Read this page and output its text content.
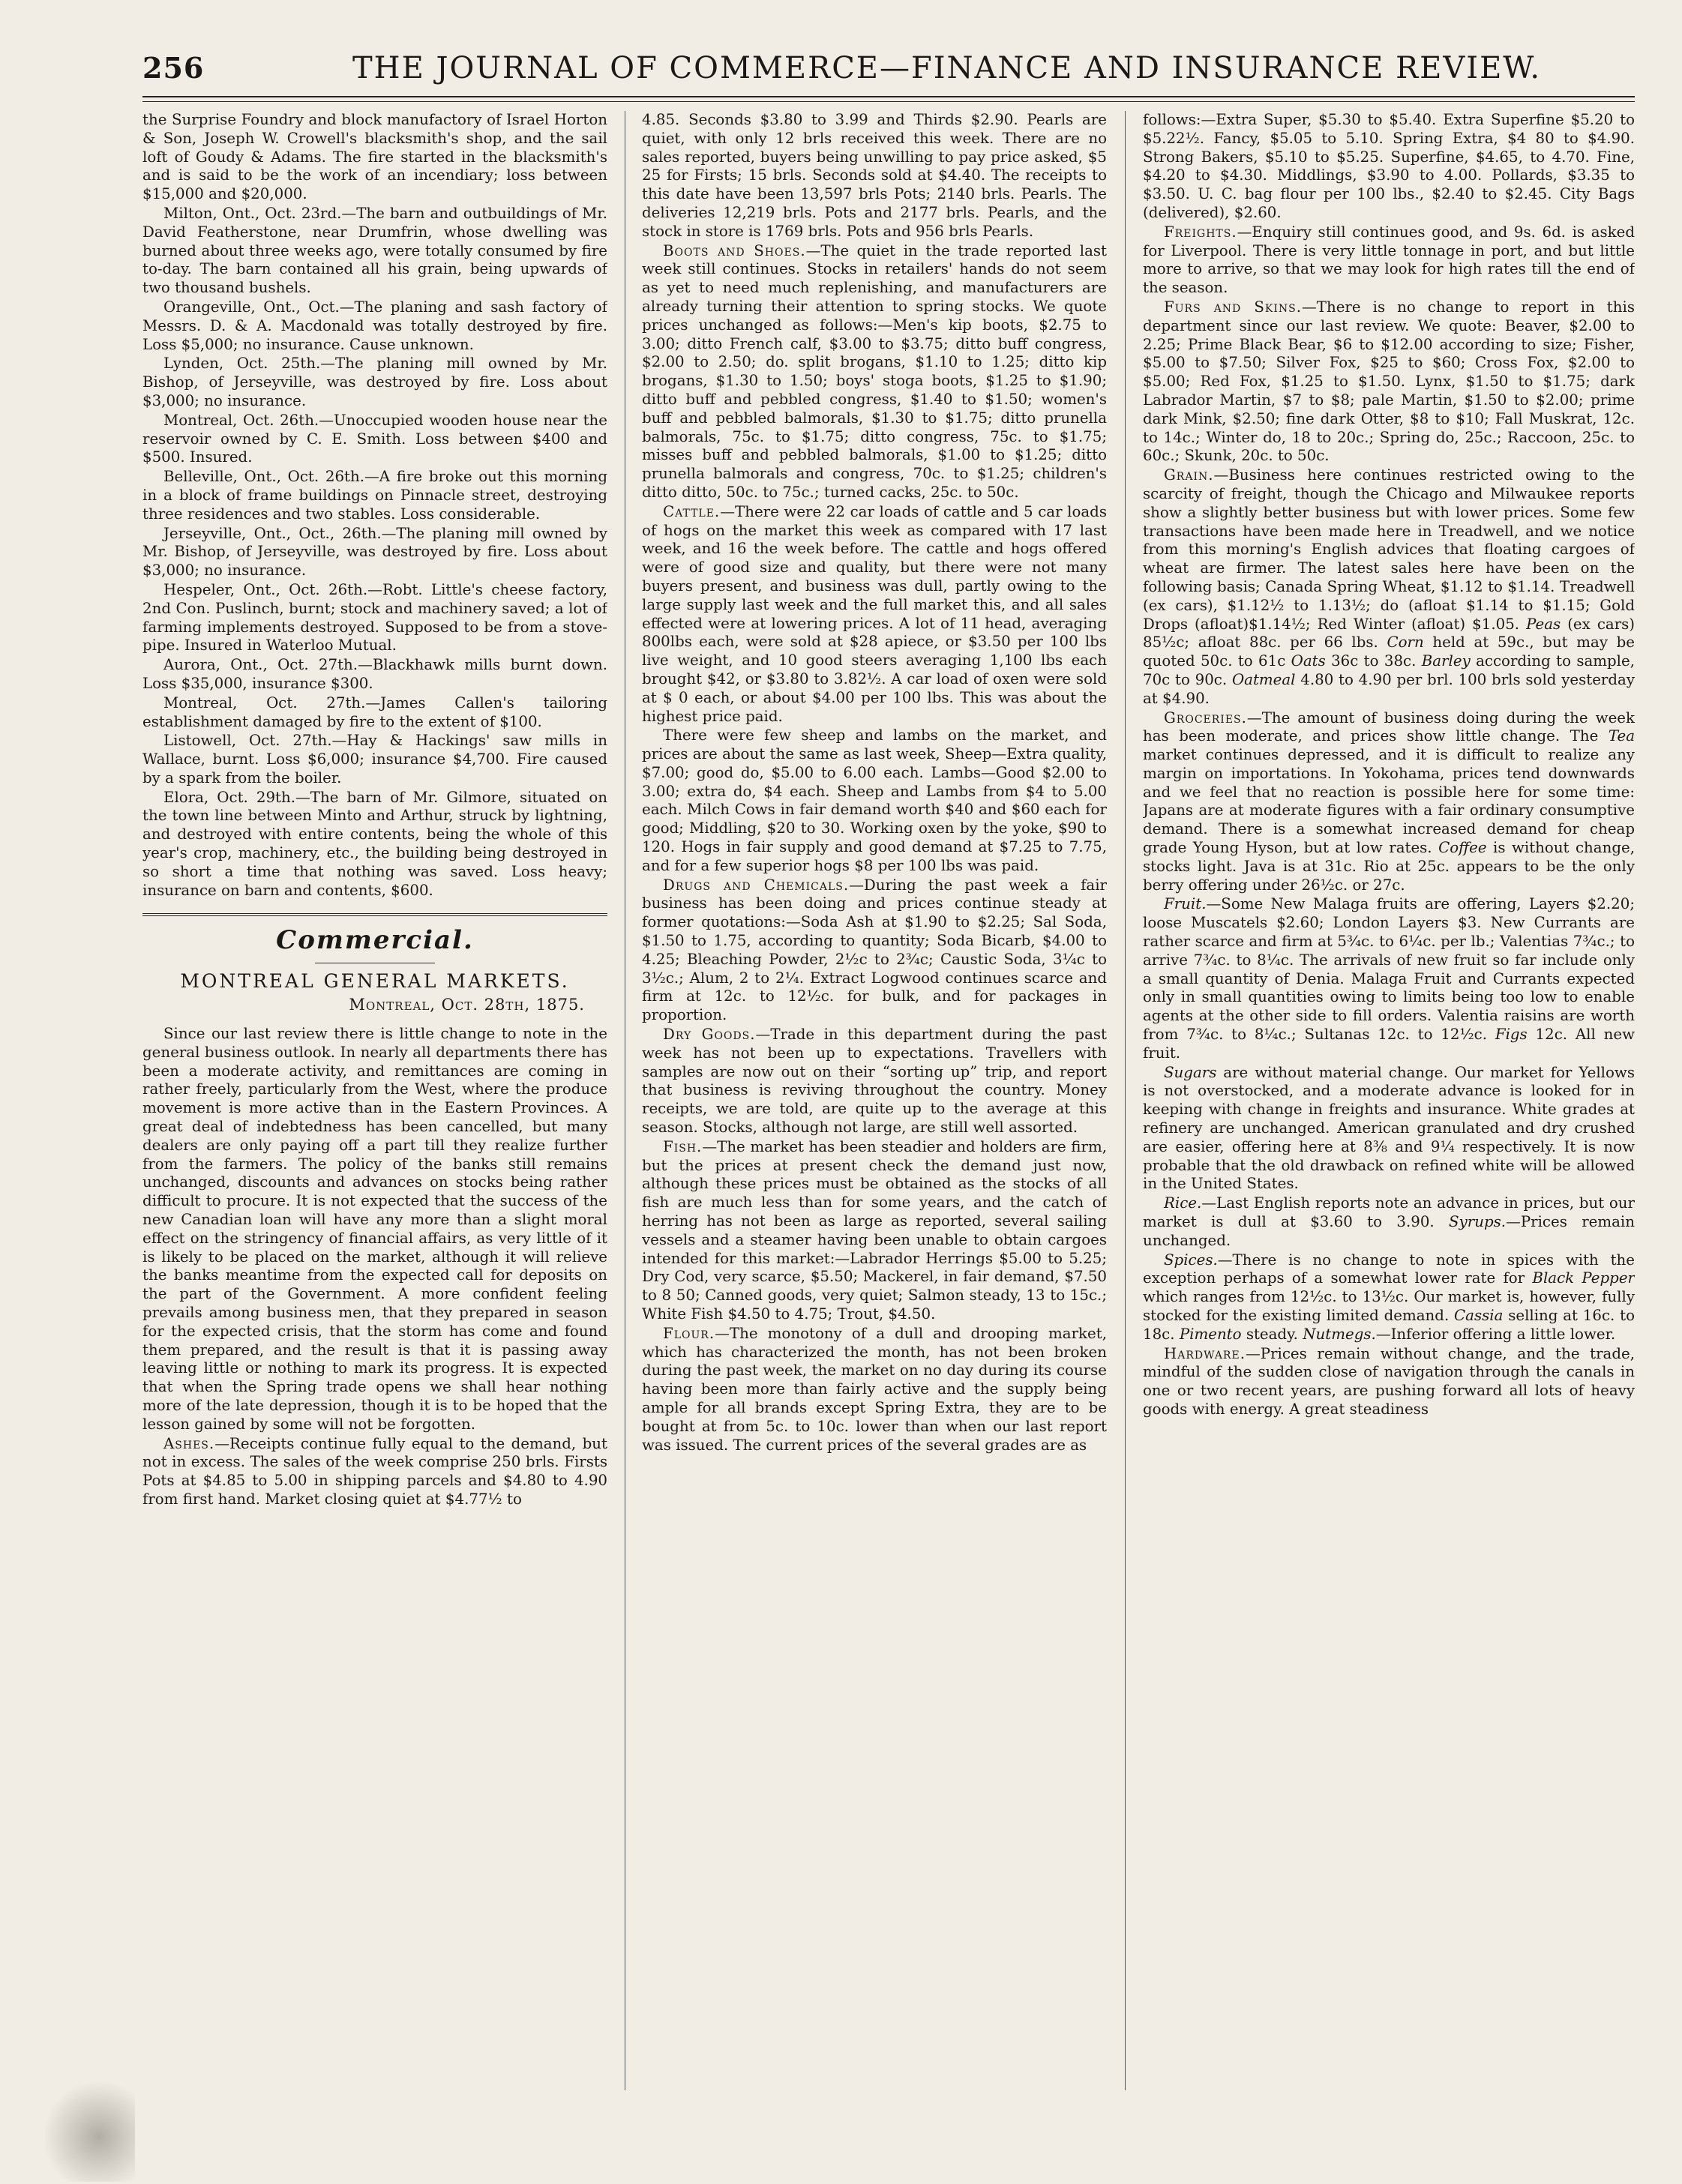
256	THE JOURNAL OF COMMERCE—FINANCE AND INSURANCE REVIEW.

the Surprise Foundry and block manufactory of Israel Horton & Son, Joseph W. Crowell's blacksmith's shop, and the sail loft of Goudy & Adams. The fire started in the blacksmith's and is said to be the work of an incendiary; loss between $15,000 and $20,000.

Milton, Ont., Oct. 23rd.—The barn and outbuildings of Mr. David Featherstone, near Drumfrin, whose dwelling was burned about three weeks ago, were totally consumed by fire to-day. The barn contained all his grain, being upwards of two thousand bushels.

Orangeville, Ont., Oct.—The planing and sash factory of Messrs. D. & A. Macdonald was totally destroyed by fire. Loss $5,000; no insurance. Cause unknown.

Lynden, Oct. 25th.—The planing mill owned by Mr. Bishop, of Jerseyville, was destroyed by fire. Loss about $3,000; no insurance.

Montreal, Oct. 26th.—Unoccupied wooden house near the reservoir owned by C. E. Smith. Loss between $400 and $500. Insured.

Belleville, Ont., Oct. 26th.—A fire broke out this morning in a block of frame buildings on Pinnacle street, destroying three residences and two stables. Loss considerable.

Jerseyville, Ont., Oct., 26th.—The planing mill owned by Mr. Bishop, of Jerseyville, was destroyed by fire. Loss about $3,000; no insurance.

Hespeler, Ont., Oct. 26th.—Robt. Little's cheese factory, 2nd Con. Puslinch, burnt; stock and machinery saved; a lot of farming implements destroyed. Supposed to be from a stove-pipe. Insured in Waterloo Mutual.

Aurora, Ont., Oct. 27th.—Blackhawk mills burnt down. Loss $35,000, insurance $300.

Montreal, Oct. 27th.—James Callen's tailoring establishment damaged by fire to the extent of $100.

Listowell, Oct. 27th.—Hay & Hackings' saw mills in Wallace, burnt. Loss $6,000; insurance $4,700. Fire caused by a spark from the boiler.

Elora, Oct. 29th.—The barn of Mr. Gilmore, situated on the town line between Minto and Arthur, struck by lightning, and destroyed with entire contents, being the whole of this year's crop, machinery, etc., the building being destroyed in so short a time that nothing was saved. Loss heavy; insurance on barn and contents, $600.

Commercial.
MONTREAL GENERAL MARKETS.
Montreal, Oct. 28th, 1875.

Since our last review there is little change to note in the general business outlook. In nearly all departments there has been a moderate activity, and remittances are coming in rather freely, particularly from the West, where the produce movement is more active than in the Eastern Provinces. A great deal of indebtedness has been cancelled, but many dealers are only paying off a part till they realize further from the farmers. The policy of the banks still remains unchanged, discounts and advances on stocks being rather difficult to procure. It is not expected that the success of the new Canadian loan will have any more than a slight moral effect on the stringency of financial affairs, as very little of it is likely to be placed on the market, although it will relieve the banks meantime from the expected call for deposits on the part of the Government. A more confident feeling prevails among business men, that they prepared in season for the expected crisis, that the storm has come and found them prepared, and the result is that it is passing away leaving little or nothing to mark its progress. It is expected that when the Spring trade opens we shall hear nothing more of the late depression, though it is to be hoped that the lesson gained by some will not be forgotten.

Ashes.—Receipts continue fully equal to the demand, but not in excess. The sales of the week comprise 250 brls. Firsts Pots at $4.85 to 5.00 in shipping parcels and $4.80 to 4.90 from first hand. Market closing quiet at $4.77½ to

4.85. Seconds $3.80 to 3.99 and Thirds $2.90. Pearls are quiet, with only 12 brls received this week. There are no sales reported, buyers being unwilling to pay price asked, $5 25 for Firsts; 15 brls. Seconds sold at $4.40. The receipts to this date have been 13,597 brls Pots; 2140 brls. Pearls. The deliveries 12,219 brls. Pots and 2177 brls. Pearls, and the stock in store is 1769 brls. Pots and 956 brls Pearls.

Boots and Shoes.—The quiet in the trade reported last week still continues. Stocks in retailers' hands do not seem as yet to need much replenishing, and manufacturers are already turning their attention to spring stocks. We quote prices unchanged as follows:—Men's kip boots, $2.75 to 3.00; ditto French calf, $3.00 to $3.75; ditto buff congress, $2.00 to 2.50; do. split brogans, $1.10 to 1.25; ditto kip brogans, $1.30 to 1.50; boys' stoga boots, $1.25 to $1.90; ditto buff and pebbled congress, $1.40 to $1.50; women's buff and pebbled balmorals, $1.30 to $1.75; ditto prunella balmorals, 75c. to $1.75; ditto congress, 75c. to $1.75; misses buff and pebbled balmorals, $1.00 to $1.25; ditto prunella balmorals and congress, 70c. to $1.25; children's ditto ditto, 50c. to 75c.; turned cacks, 25c. to 50c.

Cattle.—There were 22 car loads of cattle and 5 car loads of hogs on the market this week as compared with 17 last week, and 16 the week before. The cattle and hogs offered were of good size and quality, but there were not many buyers present, and business was dull, partly owing to the large supply last week and the full market this, and all sales effected were at lowering prices. A lot of 11 head, averaging 800lbs each, were sold at $28 apiece, or $3.50 per 100 lbs live weight, and 10 good steers averaging 1,100 lbs each brought $42, or $3.80 to 3.82½. A car load of oxen were sold at $ 0 each, or about $4.00 per 100 lbs. This was about the highest price paid.

There were few sheep and lambs on the market, and prices are about the same as last week, Sheep—Extra quality, $7.00; good do, $5.00 to 6.00 each. Lambs—Good $2.00 to 3.00; extra do, $4 each. Sheep and Lambs from $4 to 5.00 each. Milch Cows in fair demand worth $40 and $60 each for good; Middling, $20 to 30. Working oxen by the yoke, $90 to 120. Hogs in fair supply and good demand at $7.25 to 7.75, and for a few superior hogs $8 per 100 lbs was paid.

Drugs and Chemicals.—During the past week a fair business has been doing and prices continue steady at former quotations:—Soda Ash at $1.90 to $2.25; Sal Soda, $1.50 to 1.75, according to quantity; Soda Bicarb, $4.00 to 4.25; Bleaching Powder, 2½c to 2¾c; Caustic Soda, 3¼c to 3½c.; Alum, 2 to 2¼. Extract Logwood continues scarce and firm at 12c. to 12½c. for bulk, and for packages in proportion.

Dry Goods.—Trade in this department during the past week has not been up to expectations. Travellers with samples are now out on their “sorting up” trip, and report that business is reviving throughout the country. Money receipts, we are told, are quite up to the average at this season. Stocks, although not large, are still well assorted.

Fish.—The market has been steadier and holders are firm, but the prices at present check the demand just now, although these prices must be obtained as the stocks of all fish are much less than for some years, and the catch of herring has not been as large as reported, several sailing vessels and a steamer having been unable to obtain cargoes intended for this market:—Labrador Herrings $5.00 to 5.25; Dry Cod, very scarce, $5.50; Mackerel, in fair demand, $7.50 to 8 50; Canned goods, very quiet; Salmon steady, 13 to 15c.; White Fish $4.50 to 4.75; Trout, $4.50.

Flour.—The monotony of a dull and drooping market, which has characterized the month, has not been broken during the past week, the market on no day during its course having been more than fairly active and the supply being ample for all brands except Spring Extra, they are to be bought at from 5c. to 10c. lower than when our last report was issued. The current prices of the several grades are as

follows:—Extra Super, $5.30 to $5.40. Extra Superfine $5.20 to $5.22½. Fancy, $5.05 to 5.10. Spring Extra, $4 80 to $4.90. Strong Bakers, $5.10 to $5.25. Superfine, $4.65, to 4.70. Fine, $4.20 to $4.30. Middlings, $3.90 to 4.00. Pollards, $3.35 to $3.50. U. C. bag flour per 100 lbs., $2.40 to $2.45. City Bags (delivered), $2.60.

Freights.—Enquiry still continues good, and 9s. 6d. is asked for Liverpool. There is very little tonnage in port, and but little more to arrive, so that we may look for high rates till the end of the season.

Furs and Skins.—There is no change to report in this department since our last review. We quote: Beaver, $2.00 to 2.25; Prime Black Bear, $6 to $12.00 according to size; Fisher, $5.00 to $7.50; Silver Fox, $25 to $60; Cross Fox, $2.00 to $5.00; Red Fox, $1.25 to $1.50. Lynx, $1.50 to $1.75; dark Labrador Martin, $7 to $8; pale Martin, $1.50 to $2.00; prime dark Mink, $2.50; fine dark Otter, $8 to $10; Fall Muskrat, 12c. to 14c.; Winter do, 18 to 20c.; Spring do, 25c.; Raccoon, 25c. to 60c.; Skunk, 20c. to 50c.

Grain.—Business here continues restricted owing to the scarcity of freight, though the Chicago and Milwaukee reports show a slightly better business but with lower prices. Some few transactions have been made here in Treadwell, and we notice from this morning's English advices that floating cargoes of wheat are firmer. The latest sales here have been on the following basis; Canada Spring Wheat, $1.12 to $1.14. Treadwell (ex cars), $1.12½ to 1.13½; do (afloat $1.14 to $1.15; Gold Drops (afloat)$1.14½; Red Winter (afloat) $1.05. Peas (ex cars) 85½c; afloat 88c. per 66 lbs. Corn held at 59c., but may be quoted 50c. to 61c Oats 36c to 38c. Barley according to sample, 70c to 90c. Oatmeal 4.80 to 4.90 per brl. 100 brls sold yesterday at $4.90.

Groceries.—The amount of business doing during the week has been moderate, and prices show little change. The Tea market continues depressed, and it is difficult to realize any margin on importations. In Yokohama, prices tend downwards and we feel that no reaction is possible here for some time: Japans are at moderate figures with a fair ordinary consumptive demand. There is a somewhat increased demand for cheap grade Young Hyson, but at low rates. Coffee is without change, stocks light. Java is at 31c. Rio at 25c. appears to be the only berry offering under 26½c. or 27c.

Fruit.—Some New Malaga fruits are offering, Layers $2.20; loose Muscatels $2.60; London Layers $3. New Currants are rather scarce and firm at 5¾c. to 6¼c. per lb.; Valentias 7¾c.; to arrive 7¾c. to 8¼c. The arrivals of new fruit so far include only a small quantity of Denia. Malaga Fruit and Currants expected only in small quantities owing to limits being too low to enable agents at the other side to fill orders. Valentia raisins are worth from 7¾c. to 8¼c.; Sultanas 12c. to 12½c. Figs 12c. All new fruit.

Sugars are without material change. Our market for Yellows is not overstocked, and a moderate advance is looked for in keeping with change in freights and insurance. White grades at refinery are unchanged. American granulated and dry crushed are easier, offering here at 8⅜ and 9¼ respectively. It is now probable that the old drawback on refined white will be allowed in the United States.

Rice.—Last English reports note an advance in prices, but our market is dull at $3.60 to 3.90. Syrups.—Prices remain unchanged.

Spices.—There is no change to note in spices with the exception perhaps of a somewhat lower rate for Black Pepper which ranges from 12½c. to 13½c. Our market is, however, fully stocked for the existing limited demand. Cassia selling at 16c. to 18c. Pimento steady. Nutmegs.—Inferior offering a little lower.

Hardware.—Prices remain without change, and the trade, mindful of the sudden close of navigation through the canals in one or two recent years, are pushing forward all lots of heavy goods with energy. A great steadiness
